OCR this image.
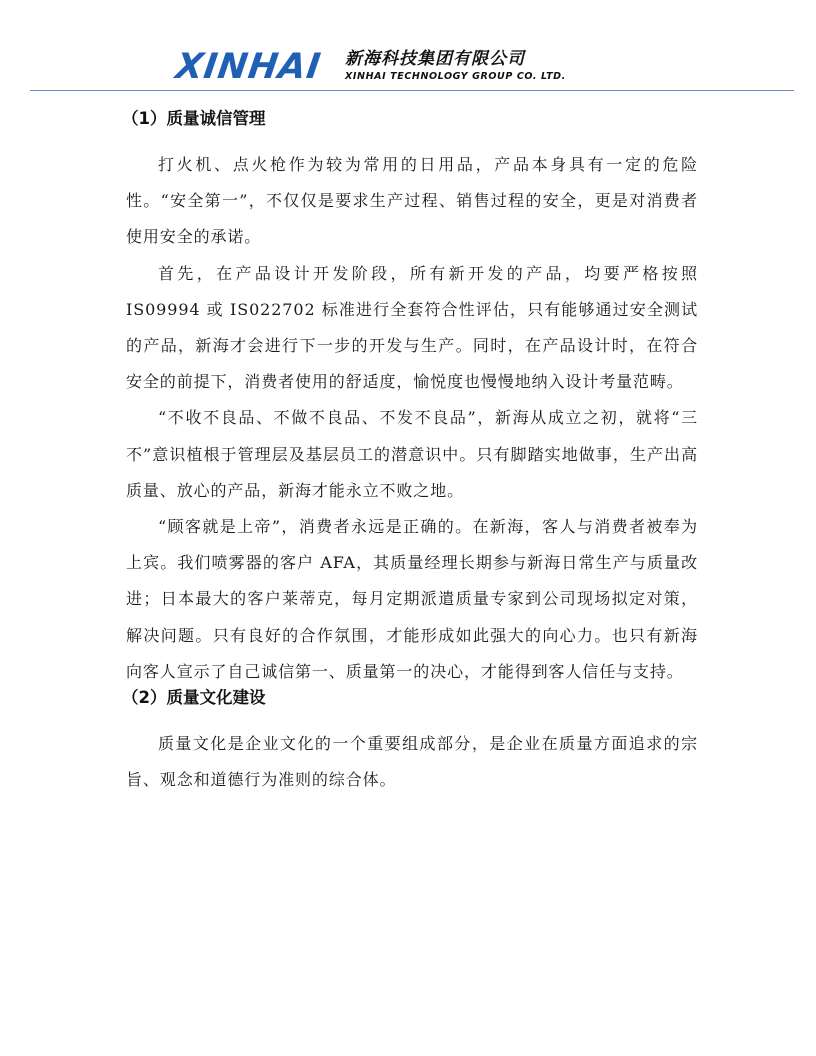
XINHAI 新海科技集团有限公司
XINHAI TECHNOLOGY GROUP CO. LTD.
（1）质量诚信管理

打火机、点火枪作为较为常用的日用品，产品本身具有一定的危险性。“安全第一”，不仅仅是要求生产过程、销售过程的安全，更是对消费者使用安全的承诺。

首先，在产品设计开发阶段，所有新开发的产品，均要严格按照 IS09994 或 IS022702 标准进行全套符合性评估，只有能够通过安全测试的产品，新海才会进行下一步的开发与生产。同时，在产品设计时，在符合安全的前提下，消费者使用的舒适度，愉悦度也慢慢地纳入设计考量范畴。

“不收不良品、不做不良品、不发不良品”，新海从成立之初，就将“三不”意识植根于管理层及基层员工的潜意识中。只有脚踏实地做事，生产出高质量、放心的产品，新海才能永立不败之地。

“顾客就是上帝”，消费者永远是正确的。在新海，客人与消费者被奉为上宾。我们喷雾器的客户 AFA，其质量经理长期参与新海日常生产与质量改进；日本最大的客户莱蒂克，每月定期派遣质量专家到公司现场拟定对策，解决问题。只有良好的合作氛围，才能形成如此强大的向心力。也只有新海向客人宣示了自己诚信第一、质量第一的决心，才能得到客人信任与支持。

（2）质量文化建设

质量文化是企业文化的一个重要组成部分，是企业在质量方面追求的宗旨、观念和道德行为准则的综合体。
